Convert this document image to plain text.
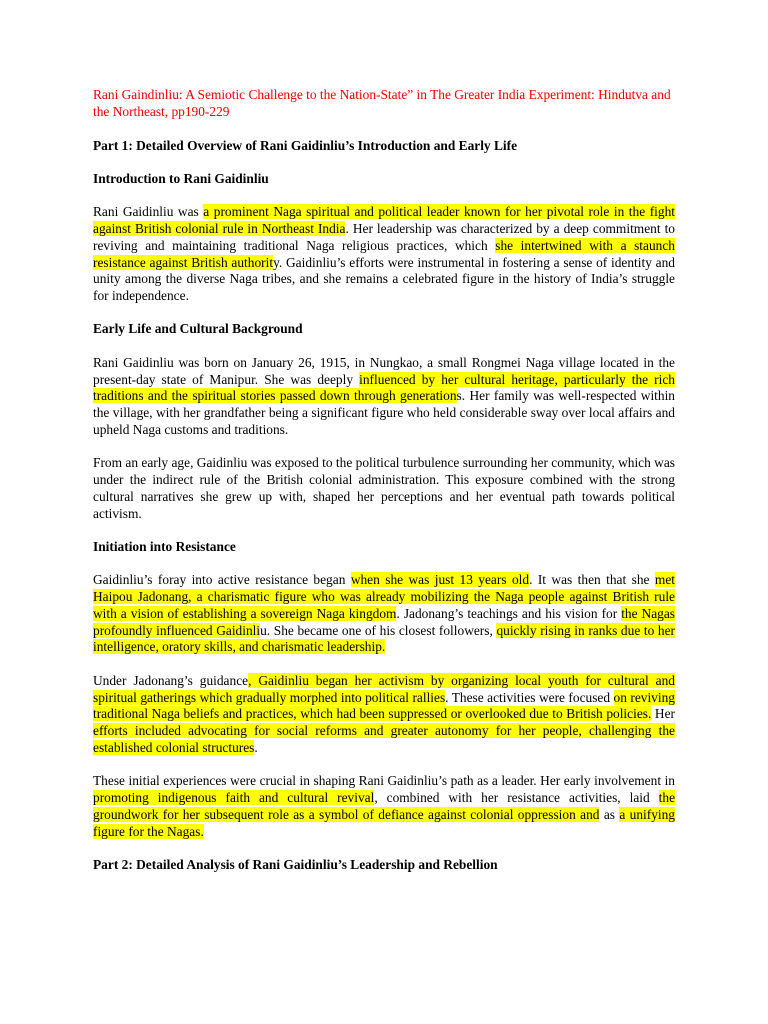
Rani Gaindinliu: A Semiotic Challenge to the Nation-State” in The Greater India Experiment: Hindutva and the Northeast, pp190-229
Part 1: Detailed Overview of Rani Gaidinliu’s Introduction and Early Life
Introduction to Rani Gaidinliu
Rani Gaidinliu was a prominent Naga spiritual and political leader known for her pivotal role in the fight against British colonial rule in Northeast India. Her leadership was characterized by a deep commitment to reviving and maintaining traditional Naga religious practices, which she intertwined with a staunch resistance against British authority. Gaidinliu’s efforts were instrumental in fostering a sense of identity and unity among the diverse Naga tribes, and she remains a celebrated figure in the history of India’s struggle for independence.
Early Life and Cultural Background
Rani Gaidinliu was born on January 26, 1915, in Nungkao, a small Rongmei Naga village located in the present-day state of Manipur. She was deeply influenced by her cultural heritage, particularly the rich traditions and the spiritual stories passed down through generations. Her family was well-respected within the village, with her grandfather being a significant figure who held considerable sway over local affairs and upheld Naga customs and traditions.
From an early age, Gaidinliu was exposed to the political turbulence surrounding her community, which was under the indirect rule of the British colonial administration. This exposure combined with the strong cultural narratives she grew up with, shaped her perceptions and her eventual path towards political activism.
Initiation into Resistance
Gaidinliu’s foray into active resistance began when she was just 13 years old. It was then that she met Haipou Jadonang, a charismatic figure who was already mobilizing the Naga people against British rule with a vision of establishing a sovereign Naga kingdom. Jadonang’s teachings and his vision for the Nagas profoundly influenced Gaidinliu. She became one of his closest followers, quickly rising in ranks due to her intelligence, oratory skills, and charismatic leadership.
Under Jadonang’s guidance, Gaidinliu began her activism by organizing local youth for cultural and spiritual gatherings which gradually morphed into political rallies. These activities were focused on reviving traditional Naga beliefs and practices, which had been suppressed or overlooked due to British policies. Her efforts included advocating for social reforms and greater autonomy for her people, challenging the established colonial structures.
These initial experiences were crucial in shaping Rani Gaidinliu’s path as a leader. Her early involvement in promoting indigenous faith and cultural revival, combined with her resistance activities, laid the groundwork for her subsequent role as a symbol of defiance against colonial oppression and as a unifying figure for the Nagas.
Part 2: Detailed Analysis of Rani Gaidinliu’s Leadership and Rebellion
